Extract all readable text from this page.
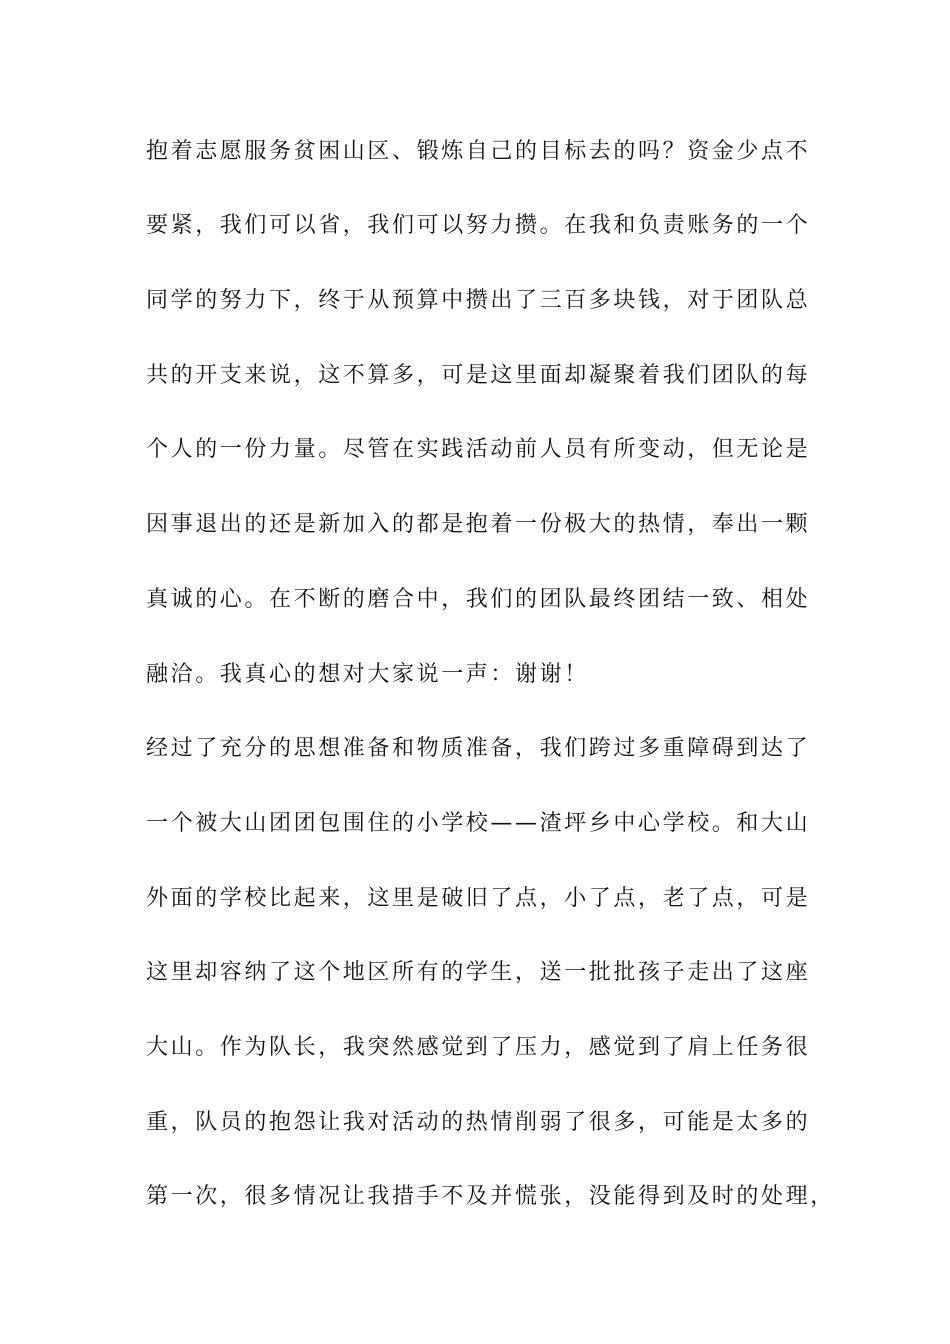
抱着志愿服务贫困山区、锻炼自己的目标去的吗？资金少点不
要紧，我们可以省，我们可以努力攒。在我和负责账务的一个
同学的努力下，终于从预算中攒出了三百多块钱，对于团队总
共的开支来说，这不算多，可是这里面却凝聚着我们团队的每
个人的一份力量。尽管在实践活动前人员有所变动，但无论是
因事退出的还是新加入的都是抱着一份极大的热情，奉出一颗
真诚的心。在不断的磨合中，我们的团队最终团结一致、相处
融洽。我真心的想对大家说一声：谢谢！
经过了充分的思想准备和物质准备，我们跨过多重障碍到达了
一个被大山团团包围住的小学校——渣坪乡中心学校。和大山
外面的学校比起来，这里是破旧了点，小了点，老了点，可是
这里却容纳了这个地区所有的学生，送一批批孩子走出了这座
大山。作为队长，我突然感觉到了压力，感觉到了肩上任务很
重，队员的抱怨让我对活动的热情削弱了很多，可能是太多的
第一次，很多情况让我措手不及并慌张，没能得到及时的处理，
